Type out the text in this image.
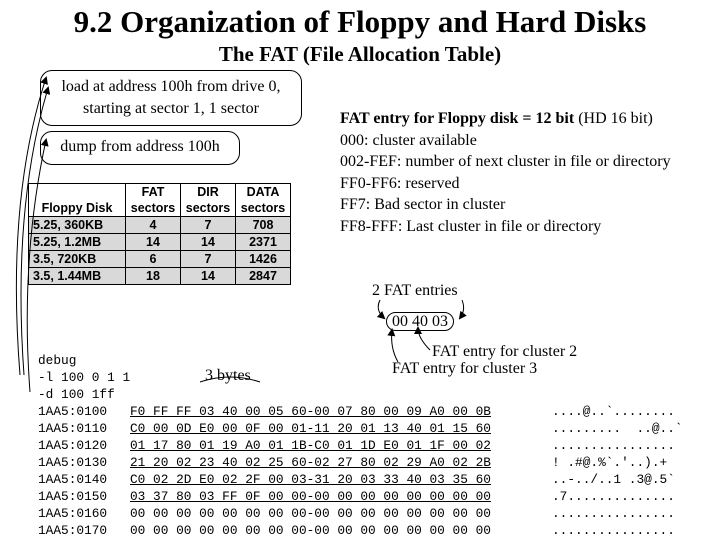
9.2 Organization of Floppy and Hard Disks
The FAT (File Allocation Table)
load at address 100h from drive 0, starting at sector 1, 1 sector
dump from address 100h
FAT entry for Floppy disk = 12 bit (HD 16 bit)
000: cluster available
002-FEF: number of next cluster in file or directory
FF0-FF6: reserved
FF7: Bad sector in cluster
FF8-FFF: Last cluster in file or directory
Floppy Disk	FAT sectors	DIR sectors	DATA sectors
5.25, 360KB	4	7	708
5.25, 1.2MB	14	14	2371
3.5, 720KB	6	7	1426
3.5, 1.44MB	18	14	2847
2 FAT entries
00 40 03
FAT entry for cluster 2
FAT entry for cluster 3
3 bytes
debug
-l 100 0 1 1
-d 100 1ff
1AA5:0100 F0 FF FF 03 40 00 05 60-00 07 80 00 09 A0 00 0B	....@..`........
1AA5:0110 C0 00 0D E0 00 0F 00 01-11 20 01 13 40 01 15 60	.........  ..@..`
1AA5:0120 01 17 80 01 19 A0 01 1B-C0 01 1D E0 01 1F 00 02	................
1AA5:0130 21 20 02 23 40 02 25 60-02 27 80 02 29 A0 02 2B	! .#@.%`.'..).+
1AA5:0140 C0 02 2D E0 02 2F 00 03-31 20 03 33 40 03 35 60	..-../..1 .3@.5`
1AA5:0150 03 37 80 03 FF 0F 00 00-00 00 00 00 00 00 00 00	.7..............
1AA5:0160 00 00 00 00 00 00 00 00-00 00 00 00 00 00 00 00	................
1AA5:0170 00 00 00 00 00 00 00 00-00 00 00 00 00 00 00 00	................
